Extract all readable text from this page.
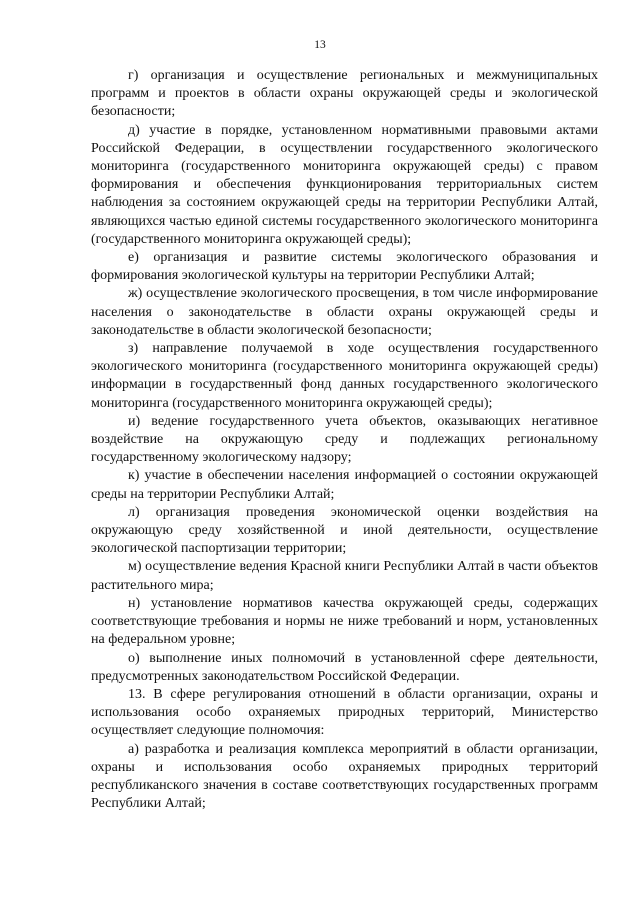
13

г) организация и осуществление региональных и межмуниципальных программ и проектов в области охраны окружающей среды и экологической безопасности;

д) участие в порядке, установленном нормативными правовыми актами Российской Федерации, в осуществлении государственного экологического мониторинга (государственного мониторинга окружающей среды) с правом формирования и обеспечения функционирования территориальных систем наблюдения за состоянием окружающей среды на территории Республики Алтай, являющихся частью единой системы государственного экологического мониторинга (государственного мониторинга окружающей среды);

е) организация и развитие системы экологического образования и формирования экологической культуры на территории Республики Алтай;

ж) осуществление экологического просвещения, в том числе информирование населения о законодательстве в области охраны окружающей среды и законодательстве в области экологической безопасности;

з) направление получаемой в ходе осуществления государственного экологического мониторинга (государственного мониторинга окружающей среды) информации в государственный фонд данных государственного экологического мониторинга (государственного мониторинга окружающей среды);

и) ведение государственного учета объектов, оказывающих негативное воздействие на окружающую среду и подлежащих региональному государственному экологическому надзору;

к) участие в обеспечении населения информацией о состоянии окружающей среды на территории Республики Алтай;

л) организация проведения экономической оценки воздействия на окружающую среду хозяйственной и иной деятельности, осуществление экологической паспортизации территории;

м) осуществление ведения Красной книги Республики Алтай в части объектов растительного мира;

н) установление нормативов качества окружающей среды, содержащих соответствующие требования и нормы не ниже требований и норм, установленных на федеральном уровне;

о) выполнение иных полномочий в установленной сфере деятельности, предусмотренных законодательством Российской Федерации.

13. В сфере регулирования отношений в области организации, охраны и использования особо охраняемых природных территорий, Министерство осуществляет следующие полномочия:

а) разработка и реализация комплекса мероприятий в области организации, охраны и использования особо охраняемых природных территорий республиканского значения в составе соответствующих государственных программ Республики Алтай;
